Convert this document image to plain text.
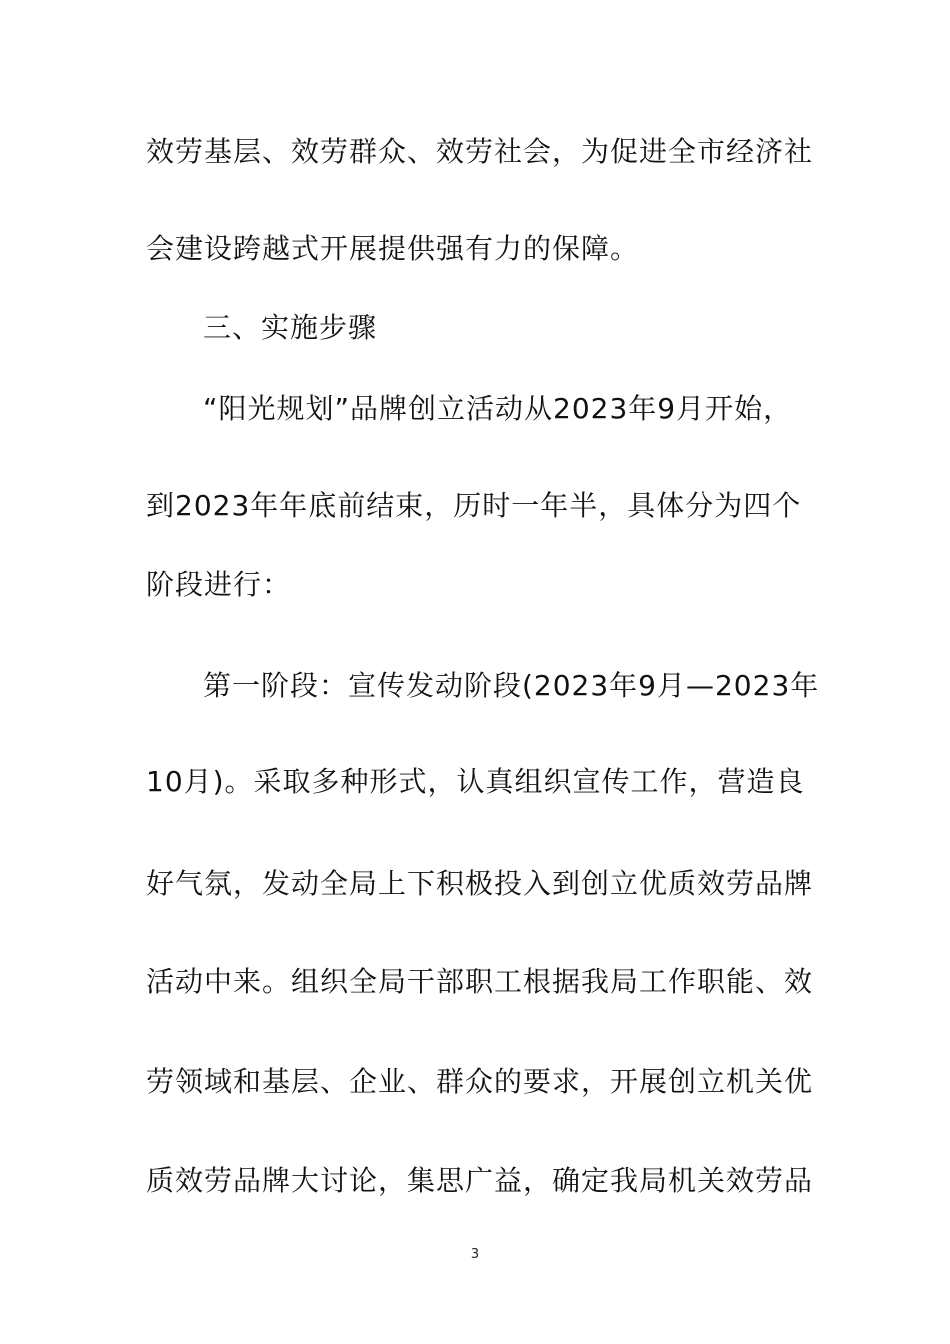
效劳基层、效劳群众、效劳社会，为促进全市经济社
会建设跨越式开展提供强有力的保障。
三、实施步骤
“阳光规划”品牌创立活动从2023年9月开始，
到2023年年底前结束，历时一年半，具体分为四个
阶段进行：
第一阶段：宣传发动阶段(2023年9月—2023年
10月)。采取多种形式，认真组织宣传工作，营造良
好气氛，发动全局上下积极投入到创立优质效劳品牌
活动中来。组织全局干部职工根据我局工作职能、效
劳领域和基层、企业、群众的要求，开展创立机关优
质效劳品牌大讨论，集思广益，确定我局机关效劳品
3
